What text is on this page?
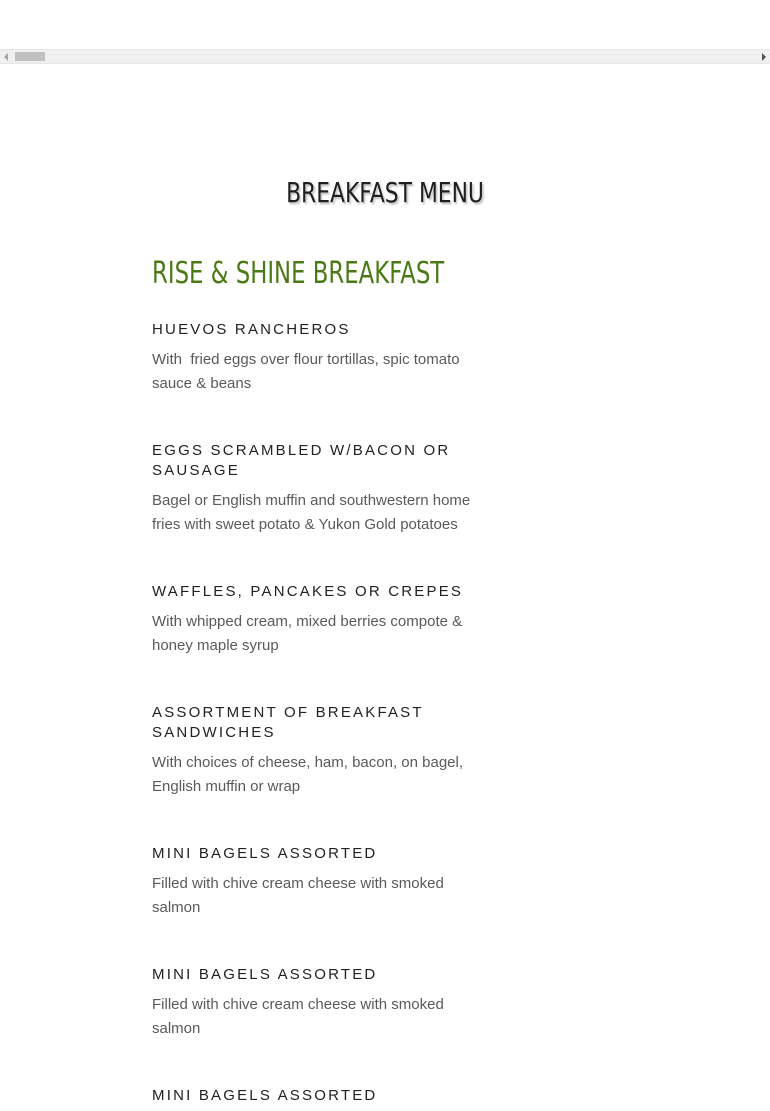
BREAKFAST MENU
RISE & SHINE BREAKFAST
HUEVOS RANCHEROS

With  fried eggs over flour tortillas, spic tomato sauce & beans

EGGS SCRAMBLED W/BACON OR SAUSAGE

Bagel or English muffin and southwestern home fries with sweet potato & Yukon Gold potatoes

WAFFLES, PANCAKES OR CREPES

With whipped cream, mixed berries compote & honey maple syrup

ASSORTMENT OF BREAKFAST SANDWICHES

With choices of cheese, ham, bacon, on bagel, English muffin or wrap

MINI BAGELS ASSORTED

Filled with chive cream cheese with smoked salmon

MINI BAGELS ASSORTED

Filled with chive cream cheese with smoked salmon

MINI BAGELS ASSORTED
